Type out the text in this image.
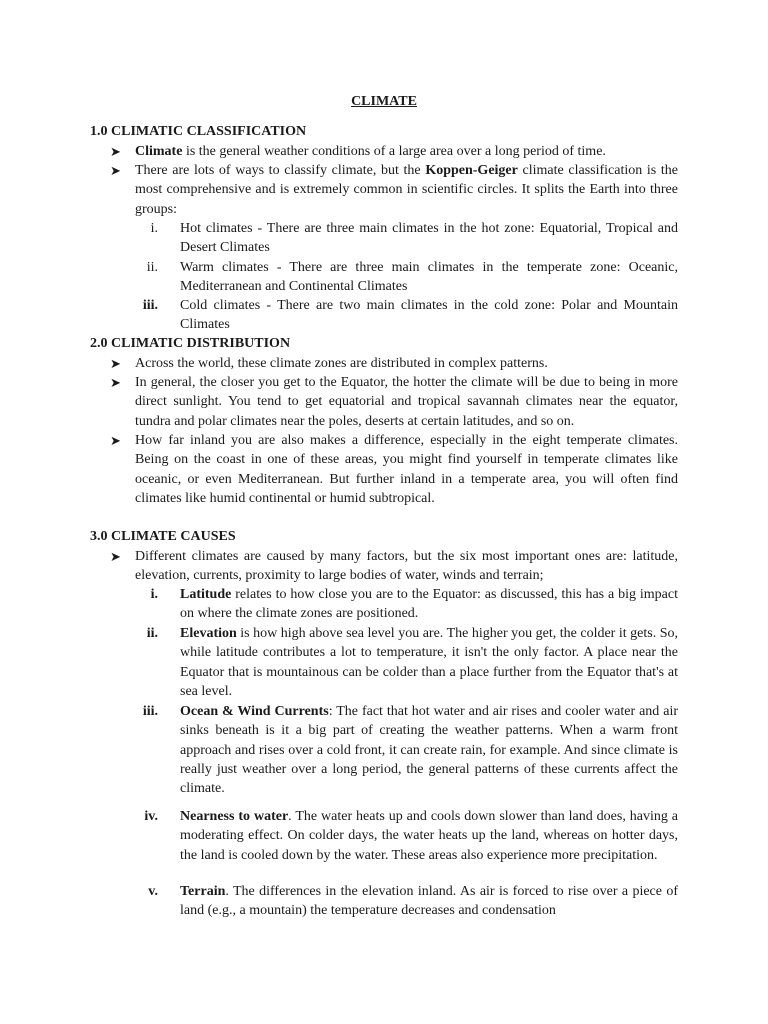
CLIMATE
1.0 CLIMATIC CLASSIFICATION
➤ Climate is the general weather conditions of a large area over a long period of time.
➤ There are lots of ways to classify climate, but the Koppen-Geiger climate classification is the most comprehensive and is extremely common in scientific circles. It splits the Earth into three groups:
i. Hot climates - There are three main climates in the hot zone: Equatorial, Tropical and Desert Climates
ii. Warm climates - There are three main climates in the temperate zone: Oceanic, Mediterranean and Continental Climates
iii. Cold climates - There are two main climates in the cold zone: Polar and Mountain Climates
2.0 CLIMATIC DISTRIBUTION
➤ Across the world, these climate zones are distributed in complex patterns.
➤ In general, the closer you get to the Equator, the hotter the climate will be due to being in more direct sunlight. You tend to get equatorial and tropical savannah climates near the equator, tundra and polar climates near the poles, deserts at certain latitudes, and so on.
➤ How far inland you are also makes a difference, especially in the eight temperate climates. Being on the coast in one of these areas, you might find yourself in temperate climates like oceanic, or even Mediterranean. But further inland in a temperate area, you will often find climates like humid continental or humid subtropical.
3.0 CLIMATE CAUSES
➤ Different climates are caused by many factors, but the six most important ones are: latitude, elevation, currents, proximity to large bodies of water, winds and terrain;
i. Latitude relates to how close you are to the Equator: as discussed, this has a big impact on where the climate zones are positioned.
ii. Elevation is how high above sea level you are. The higher you get, the colder it gets. So, while latitude contributes a lot to temperature, it isn't the only factor. A place near the Equator that is mountainous can be colder than a place further from the Equator that's at sea level.
iii. Ocean & Wind Currents: The fact that hot water and air rises and cooler water and air sinks beneath is it a big part of creating the weather patterns. When a warm front approach and rises over a cold front, it can create rain, for example. And since climate is really just weather over a long period, the general patterns of these currents affect the climate.
iv. Nearness to water. The water heats up and cools down slower than land does, having a moderating effect. On colder days, the water heats up the land, whereas on hotter days, the land is cooled down by the water. These areas also experience more precipitation.
v. Terrain. The differences in the elevation inland. As air is forced to rise over a piece of land (e.g., a mountain) the temperature decreases and condensation
